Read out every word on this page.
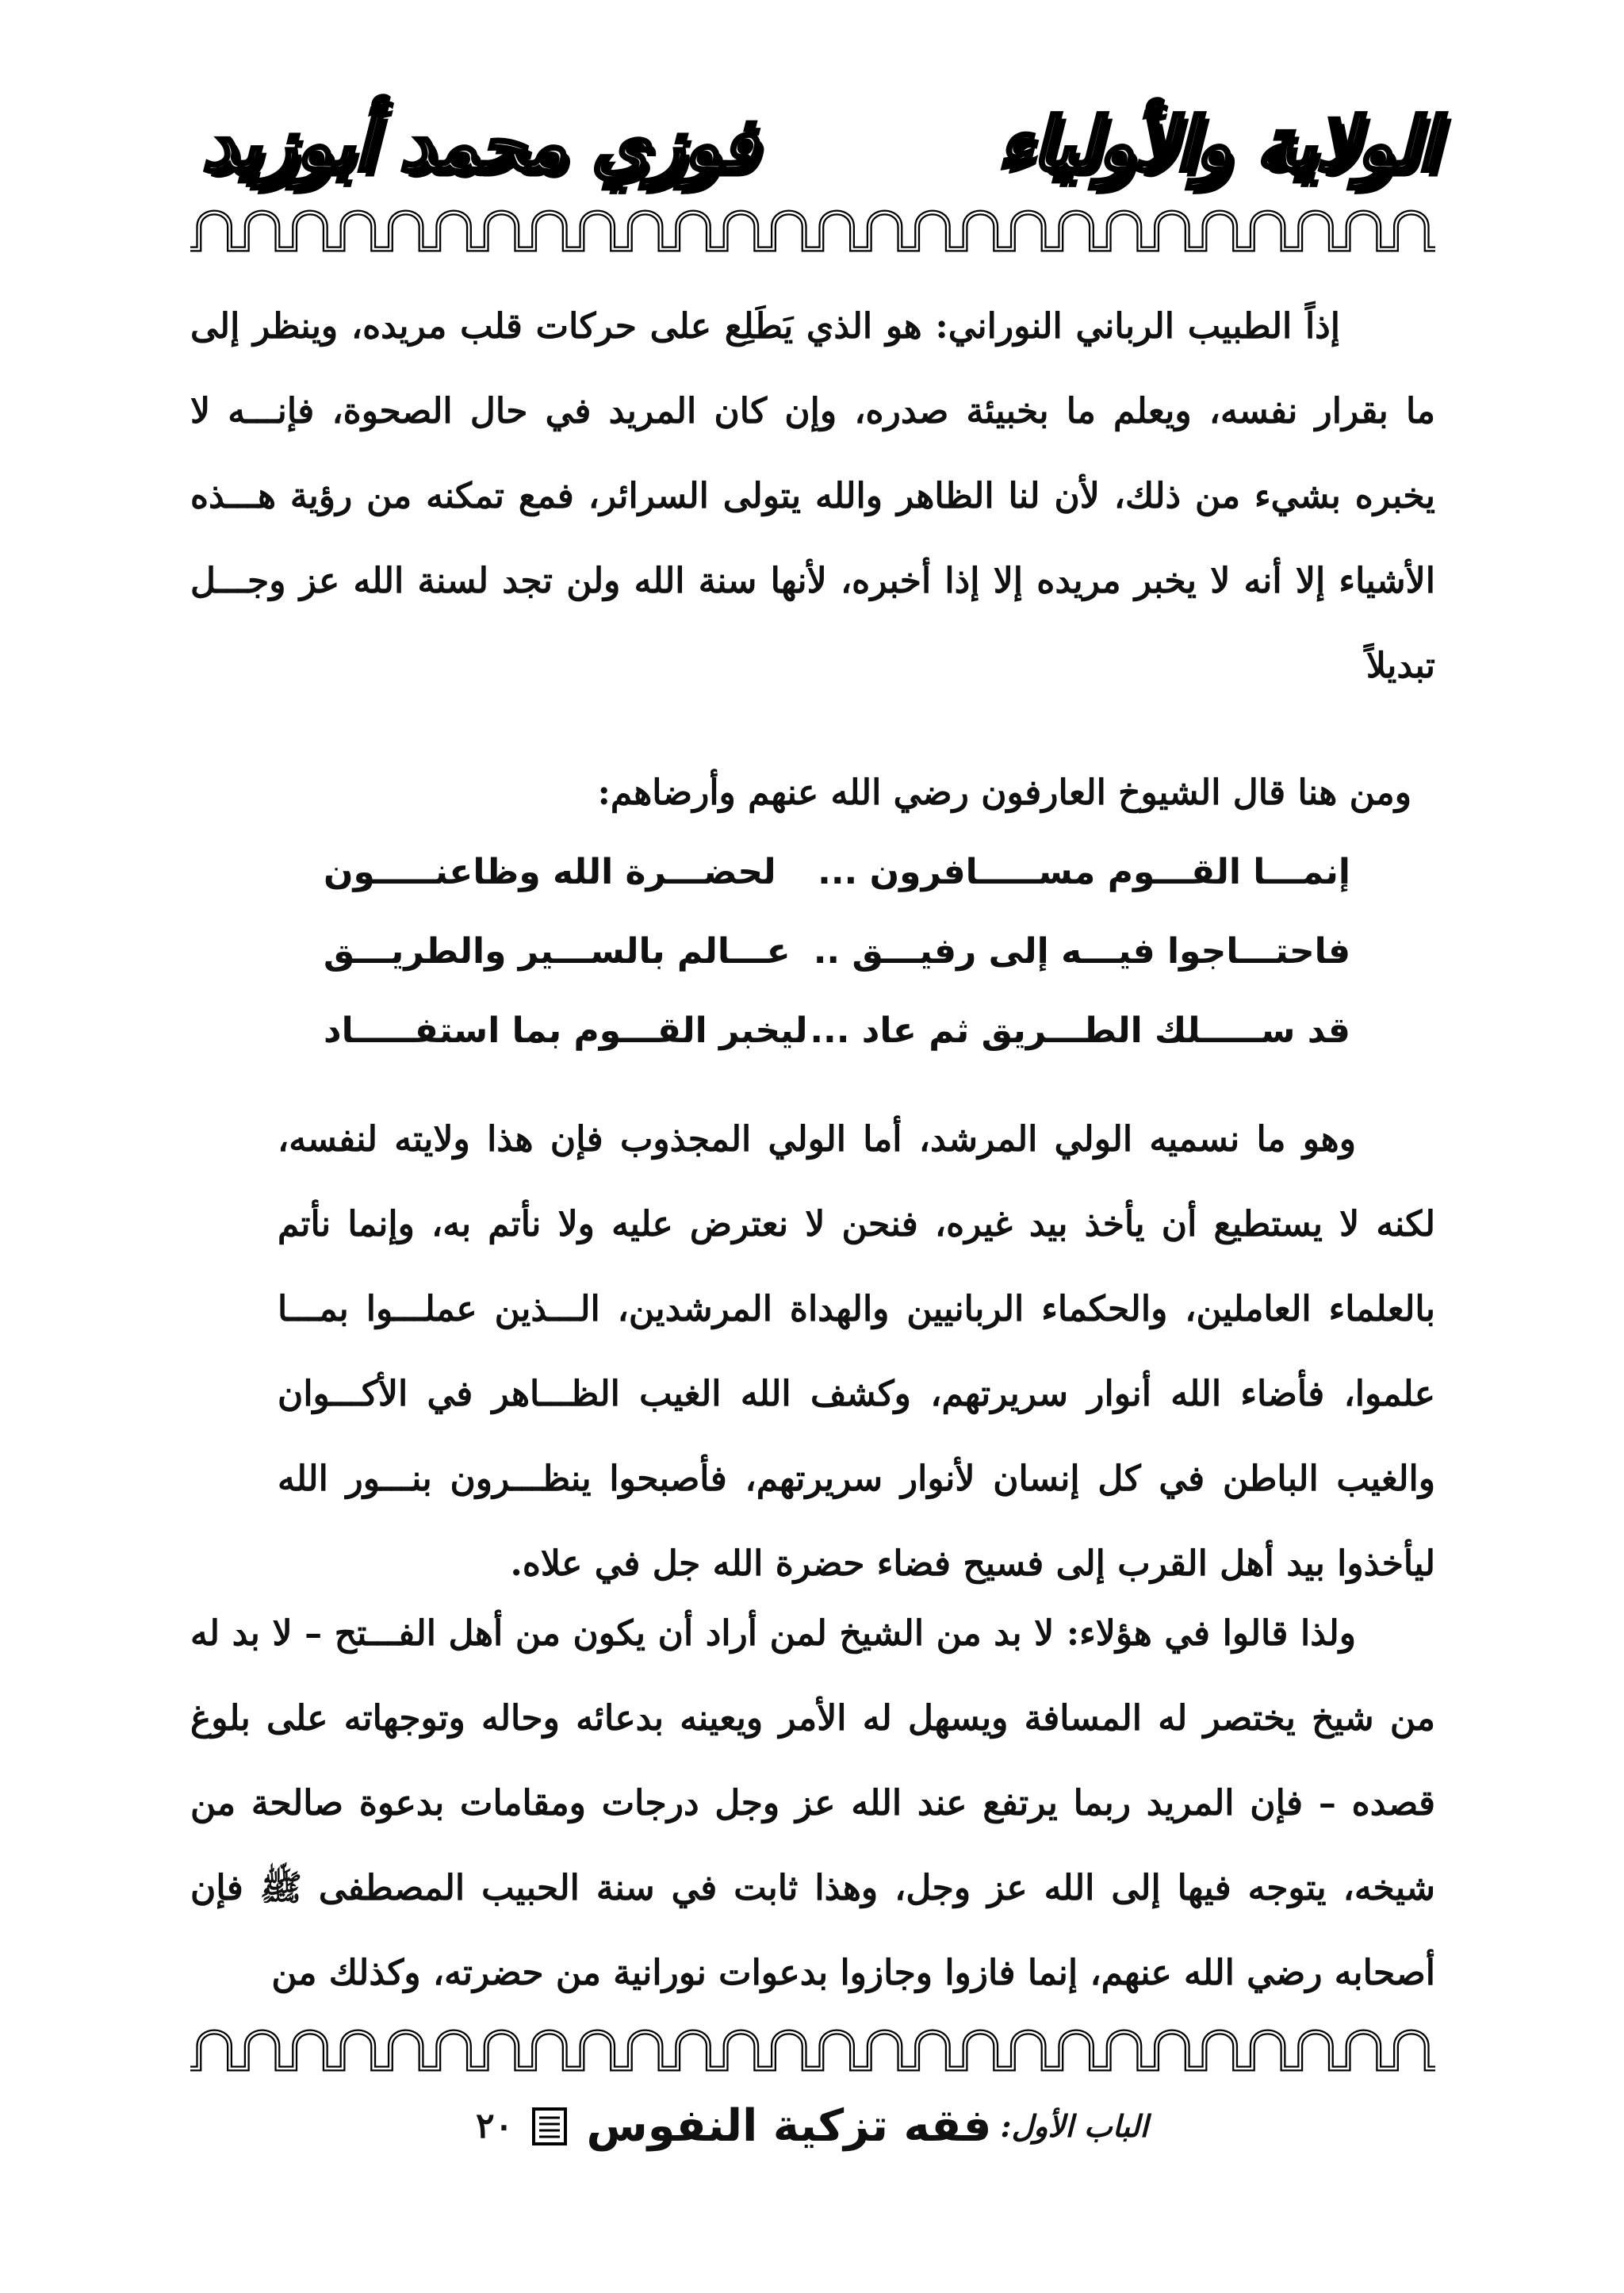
الولاية والأولياء
فوزي محمد أبوزيد

إذاً الطبيب الرباني النوراني: هو الذي يَطَلِع على حركات قلب مريده، وينظر إلى ما بقرار نفسه، ويعلم ما بخبيئة صدره، وإن كان المريد في حال الصحوة، فإنـــه لا يخبره بشيء من ذلك، لأن لنا الظاهر والله يتولى السرائر، فمع تمكنه من رؤية هـــذه الأشياء إلا أنه لا يخبر مريده إلا إذا أخبره، لأنها سنة الله ولن تجد لسنة الله عز وجـــل تبديلاً

ومن هنا قال الشيوخ العارفون رضي الله عنهم وأرضاهم:

إنمـــا القـــوم مســـــافرون ...
لحضـــرة الله وظاعنـــــون
فاحتـــاجوا فيـــه إلى رفيـــق ..
عـــالم بالســـير والطريـــق
قد ســـــلك الطـــريق ثم عاد ...
ليخبر القـــوم بما استفـــــاد

وهو ما نسميه الولي المرشد، أما الولي المجذوب فإن هذا ولايته لنفسه، لكنه لا يستطيع أن يأخذ بيد غيره، فنحن لا نعترض عليه ولا نأتم به، وإنما نأتم بالعلماء العاملين، والحكماء الربانيين والهداة المرشدين، الـــذين عملـــوا بمـــا علموا، فأضاء الله أنوار سريرتهم، وكشف الله الغيب الظـــاهر في الأكـــوان والغيب الباطن في كل إنسان لأنوار سريرتهم، فأصبحوا ينظـــرون بنـــور الله ليأخذوا بيد أهل القرب إلى فسيح فضاء حضرة الله جل في علاه.

ولذا قالوا في هؤلاء: لا بد من الشيخ لمن أراد أن يكون من أهل الفـــتح – لا بد له من شيخ يختصر له المسافة ويسهل له الأمر ويعينه بدعائه وحاله وتوجهاته على بلوغ قصده – فإن المريد ربما يرتفع عند الله عز وجل درجات ومقامات بدعوة صالحة من شيخه، يتوجه فيها إلى الله عز وجل، وهذا ثابت في سنة الحبيب المصطفى ﷺ فإن أصحابه رضي الله عنهم، إنما فازوا وجازوا بدعوات نورانية من حضرته، وكذلك من

الباب الأول: فقه تزكية النفوس  ٢٠
